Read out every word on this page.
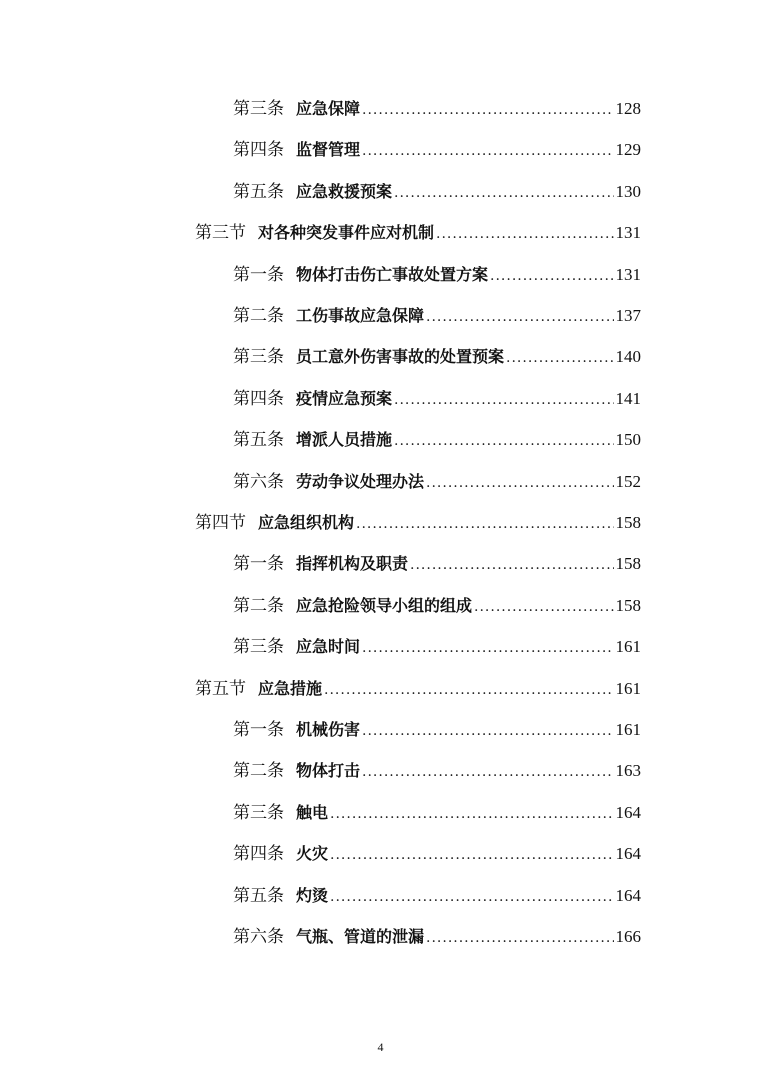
第三条 应急保障 .....	128
第四条 监督管理 .....	129
第五条 应急救援预案 .....	130
第三节 对各种突发事件应对机制 .....	131
第一条 物体打击伤亡事故处置方案 .....	131
第二条 工伤事故应急保障 .....	137
第三条 员工意外伤害事故的处置预案 .....	140
第四条 疫情应急预案 .....	141
第五条 增派人员措施 .....	150
第六条 劳动争议处理办法 .....	152
第四节 应急组织机构 .....	158
第一条 指挥机构及职责 .....	158
第二条 应急抢险领导小组的组成 .....	158
第三条 应急时间 .....	161
第五节 应急措施 .....	161
第一条 机械伤害 .....	161
第二条 物体打击 .....	163
第三条 触电 .....	164
第四条 火灾 .....	164
第五条 灼烫 .....	164
第六条 气瓶、管道的泄漏 .....	166
4
